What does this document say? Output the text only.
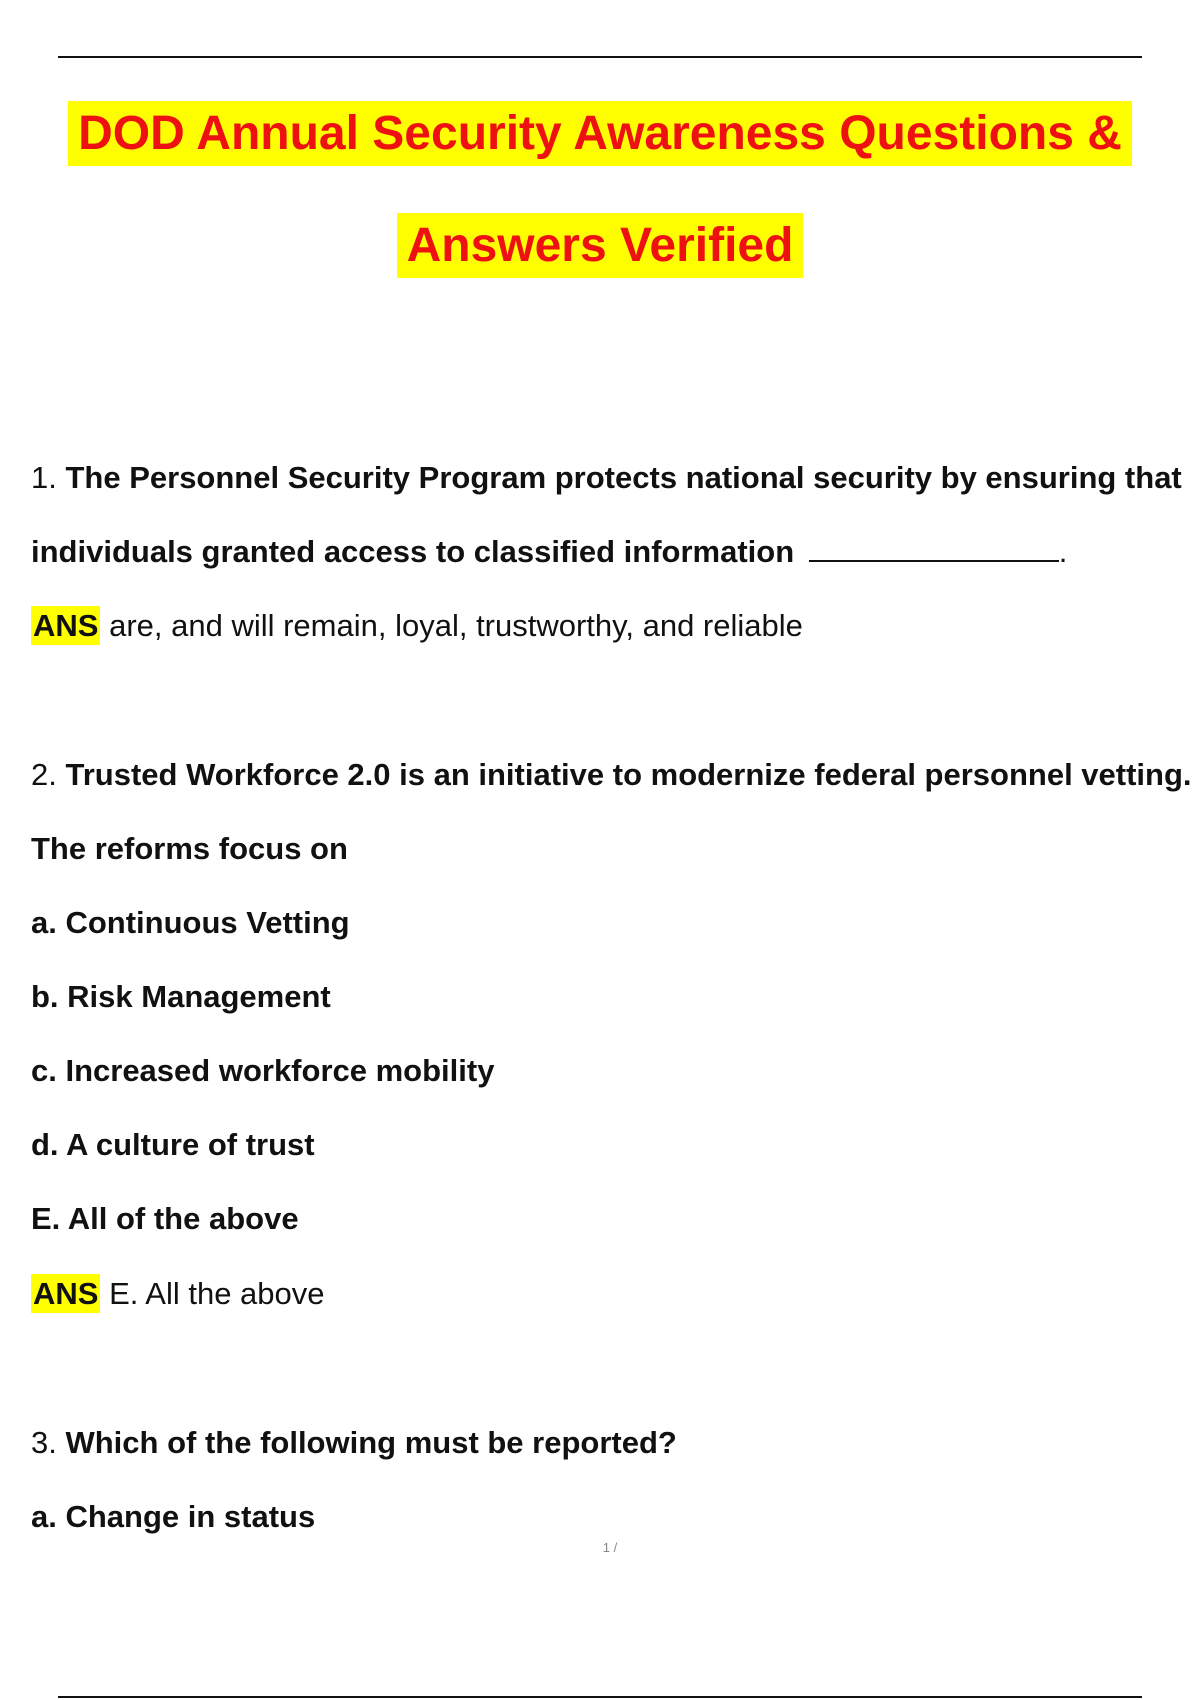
DOD Annual Security Awareness Questions &
Answers Verified
1. The Personnel Security Program protects national security by ensuring that
individuals granted access to classified information	.
ANS are, and will remain, loyal, trustworthy, and reliable
2. Trusted Workforce 2.0 is an initiative to modernize federal personnel vetting.
The reforms focus on
a. Continuous Vetting
b. Risk Management
c. Increased workforce mobility
d. A culture of trust
E. All of the above
ANS E. All the above
3. Which of the following must be reported?
a. Change in status
1 /
